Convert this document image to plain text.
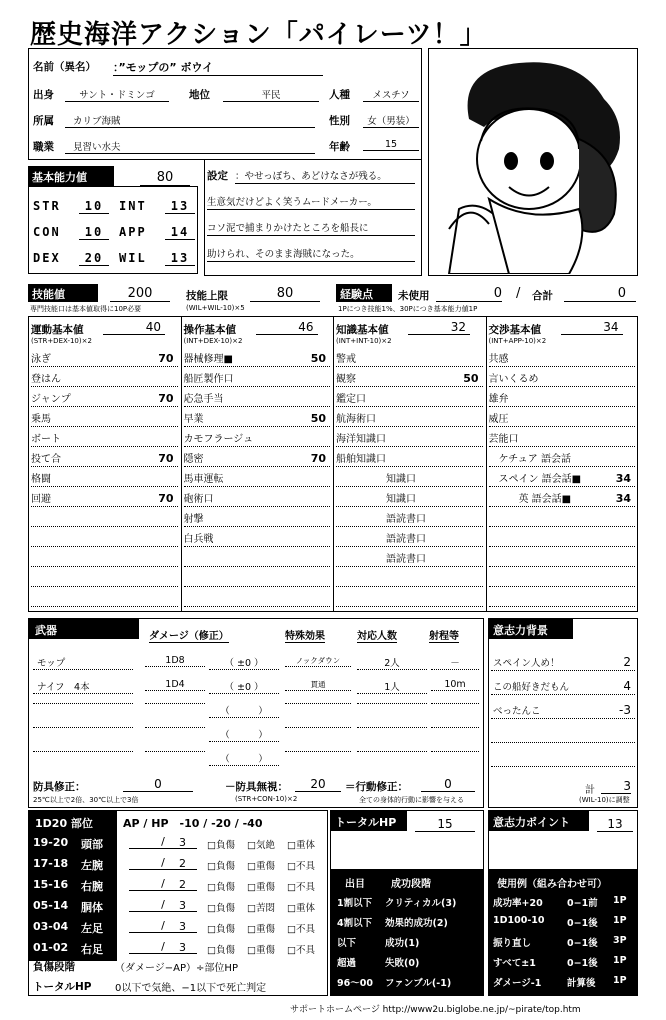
歴史海洋アクション「パイレーツ！」
名前（異名） ：”モップの” ボウイ
出身	サント・ドミンゴ	地位	平民	人種	メスチソ
所属	カリブ海賊	性別	女（男装）
職業	見習い水夫	年齢	15
基本能力値	80
STR	10	INT	13
CON	10	APP	14
DEX	20	WIL	13
設定 ：やせっぽち、あどけなさが残る。
生意気だけどよく笑うムードメーカー。
コソ泥で捕まりかけたところを船長に
助けられ、そのまま海賊になった。
技能値	200
専門技能口は基本値取得に10P必要
技能上限	80
(WIL+WIL-10)×5
経験点	未使用	0 / 合計	0
1Pにつき技能1%、30Pにつき基本能力値1P
運動基本値	40
(STR+DEX-10)×2
泳ぎ	70
登はん
ジャンプ	70
乗馬
ボート
投て合	70
格闘
回避	70
操作基本値	46
(INT+DEX-10)×2
器械修理■	50
船匠製作口
応急手当
早業	50
カモフラージュ
隠密	70
馬車運転
砲術口
射撃
白兵戦
知識基本値	32
(INT+INT-10)×2
警戒
観察	50
鑑定口
航海術口
海洋知識口
船舶知識口
　　　　　知識口
　　　　　知識口
　　　　　語読書口
　　　　　語読書口
　　　　　語読書口
交渉基本値	34
(INT+APP-10)×2
共感
言いくるめ
雄弁
威圧
芸能口
　ケチュア 語会話
　スペイン 語会話■	34
　　　英 語会話■	34
武器	ダメージ（修正）	特殊効果	対応人数	射程等
モップ	1D8	（ ±0 ）	ノックダウン	2人	－
ナイフ　4本	1D4	（ ±0 ）	貫通	1人	10m
（　　　）
（　　　）
（　　　）
防具修正：	0
25℃以上で2倍、30℃以上で3倍
－防具無視：	20
(STR+CON-10)×2
＝行動修正：	0
全ての身体的行動に影響を与える
意志力背景
スペイン人め！	2
この船好きだもん	4
べったんこ	-3
計	3
(WIL-10)に調整
1D20 部位	AP / HP　-10 / -20 / -40
19-20 頭部	/	3 □負傷 □気絶 □重体
17-18 左腕	/	2 □負傷 □重傷 □不具
15-16 右腕	/	2 □負傷 □重傷 □不具
05-14 胴体	/	3 □負傷 □苦悶 □重体
03-04 左足	/	3 □負傷 □重傷 □不具
01-02 右足	/	3 □負傷 □重傷 □不具
負傷段階	（ダメージ−AP）÷部位HP
トータルHP 0以下で気絶、−1以下で死亡判定
トータルHP	15
出目	成功段階
1割以下 クリティカル(3)
4割以下 効果的成功(2)
以下	成功(1)
超過	失敗(0)
96〜00 ファンブル(-1)
意志力ポイント	13
使用例（組み合わせ可）
成功率+20	0−1前 1P
1D100-10 0−1後 1P
振り直し	0−1後 3P
すべて±1	0−1後 1P
ダメージ-1	計算後 1P
サポートホームページ http://www2u.biglobe.ne.jp/~pirate/top.htm
